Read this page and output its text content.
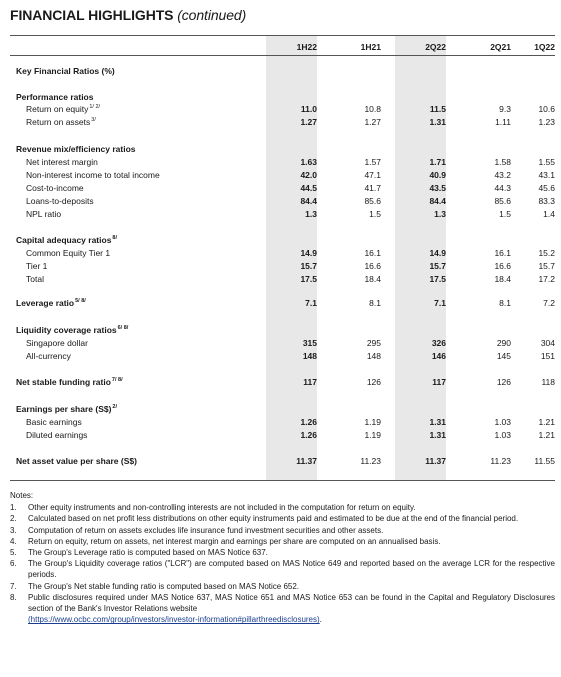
FINANCIAL HIGHLIGHTS (continued)
1H22	1H21	2Q22	2Q21	1Q22
Key Financial Ratios (%)
Performance ratios
Return on equity$^{1/ 2/}$	11.0	10.8	11.5	9.3	10.6
Return on assets$^{3/}$	1.27	1.27	1.31	1.11	1.23
Revenue mix/efficiency ratios
Net interest margin	1.63	1.57	1.71	1.58	1.55
Non-interest income to total income	42.0	47.1	40.9	43.2	43.1
Cost-to-income	44.5	41.7	43.5	44.3	45.6
Loans-to-deposits	84.4	85.6	84.4	85.6	83.3
NPL ratio	1.3	1.5	1.3	1.5	1.4
Capital adequacy ratios$^{8/}$
Common Equity Tier 1	14.9	16.1	14.9	16.1	15.2
Tier 1	15.7	16.6	15.7	16.6	15.7
Total	17.5	18.4	17.5	18.4	17.2
Leverage ratio$^{5/ 8/}$	7.1	8.1	7.1	8.1	7.2
Liquidity coverage ratios$^{6/ 8/}$
Singapore dollar	315	295	326	290	304
All-currency	148	148	146	145	151
Net stable funding ratio$^{7/ 8/}$	117	126	117	126	118
Earnings per share (S$)$^{2/}$
Basic earnings	1.26	1.19	1.31	1.03	1.21
Diluted earnings	1.26	1.19	1.31	1.03	1.21
Net asset value per share (S$)	11.37	11.23	11.37	11.23	11.55
Notes:
1. Other equity instruments and non-controlling interests are not included in the computation for return on equity.
2. Calculated based on net profit less distributions on other equity instruments paid and estimated to be due at the end of the financial period.
3. Computation of return on assets excludes life insurance fund investment securities and other assets.
4. Return on equity, return on assets, net interest margin and earnings per share are computed on an annualised basis.
5. The Group's Leverage ratio is computed based on MAS Notice 637.
6. The Group's Liquidity coverage ratios ("LCR") are computed based on MAS Notice 649 and reported based on the average LCR for the respective periods.
7. The Group's Net stable funding ratio is computed based on MAS Notice 652.
8. Public disclosures required under MAS Notice 637, MAS Notice 651 and MAS Notice 653 can be found in the Capital and Regulatory Disclosures section of the Bank's Investor Relations website
(https://www.ocbc.com/group/investors/investor-information#pillarthreedisclosures).
